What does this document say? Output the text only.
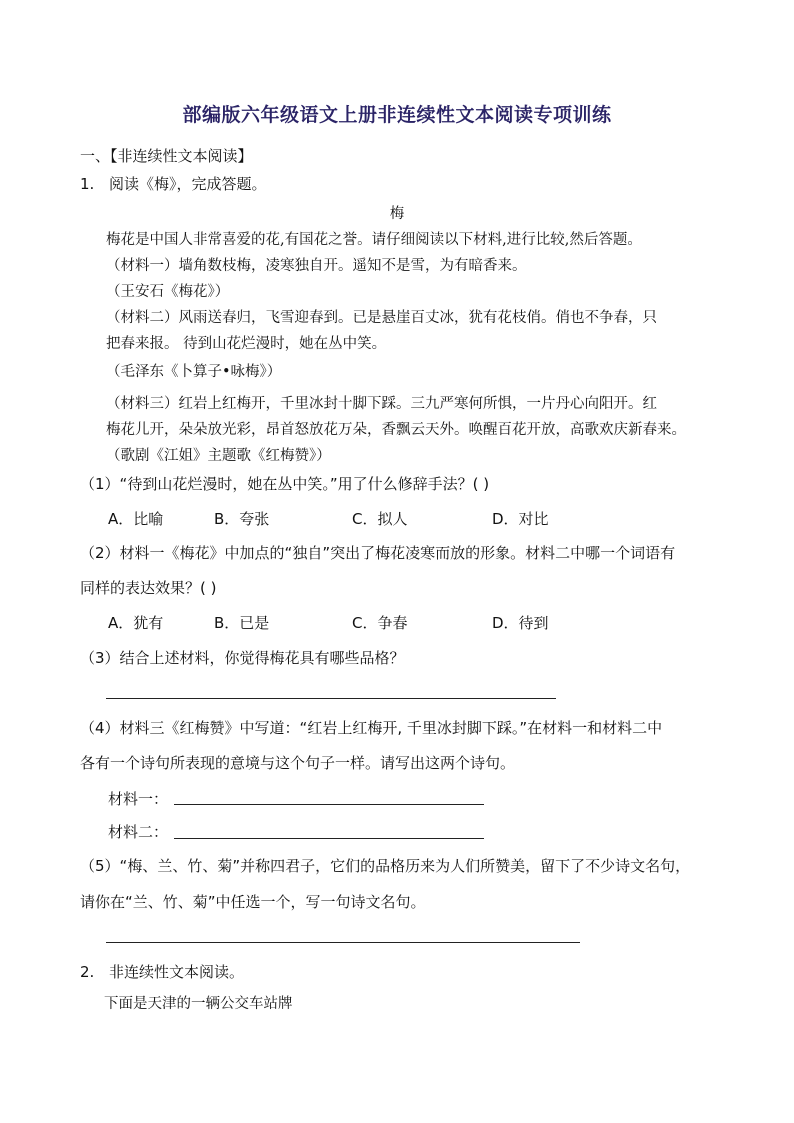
部编版六年级语文上册非连续性文本阅读专项训练
一、【非连续性文本阅读】
1. 阅读《梅》，完成答题。
梅
梅花是中国人非常喜爱的花,有国花之誉。请仔细阅读以下材料,进行比较,然后答题。
（材料一）墙角数枝梅，凌寒独自开。遥知不是雪，为有暗香来。
（王安石《梅花》）
（材料二）风雨送春归，飞雪迎春到。已是悬崖百丈冰，犹有花枝俏。俏也不争春，只
把春来报。 待到山花烂漫时，她在丛中笑。
（毛泽东《卜算子•咏梅》）
（材料三）红岩上红梅开，千里冰封十脚下踩。三九严寒何所惧，一片丹心向阳开。红
梅花儿开，朵朵放光彩，昂首怒放花万朵，香飘云天外。唤醒百花开放，高歌欢庆新春来。
（歌剧《江姐》主题歌《红梅赞》）
（1）“待到山花烂漫时，她在丛中笑。”用了什么修辞手法？( )
A．比喻	B．夸张	C．拟人	D．对比
（2）材料一《梅花》中加点的“独自”突出了梅花凌寒而放的形象。材料二中哪一个词语有
同样的表达效果？( )
A．犹有	B．已是	C．争春	D．待到
（3）结合上述材料，你觉得梅花具有哪些品格？
（4）材料三《红梅赞》中写道：“红岩上红梅开, 千里冰封脚下踩。”在材料一和材料二中
各有一个诗句所表现的意境与这个句子一样。请写出这两个诗句。
材料一：
材料二：
（5）“梅、兰、竹、菊”并称四君子，它们的品格历来为人们所赞美，留下了不少诗文名句，
请你在“兰、竹、菊”中任选一个，写一句诗文名句。
2. 非连续性文本阅读。
下面是天津的一辆公交车站牌
